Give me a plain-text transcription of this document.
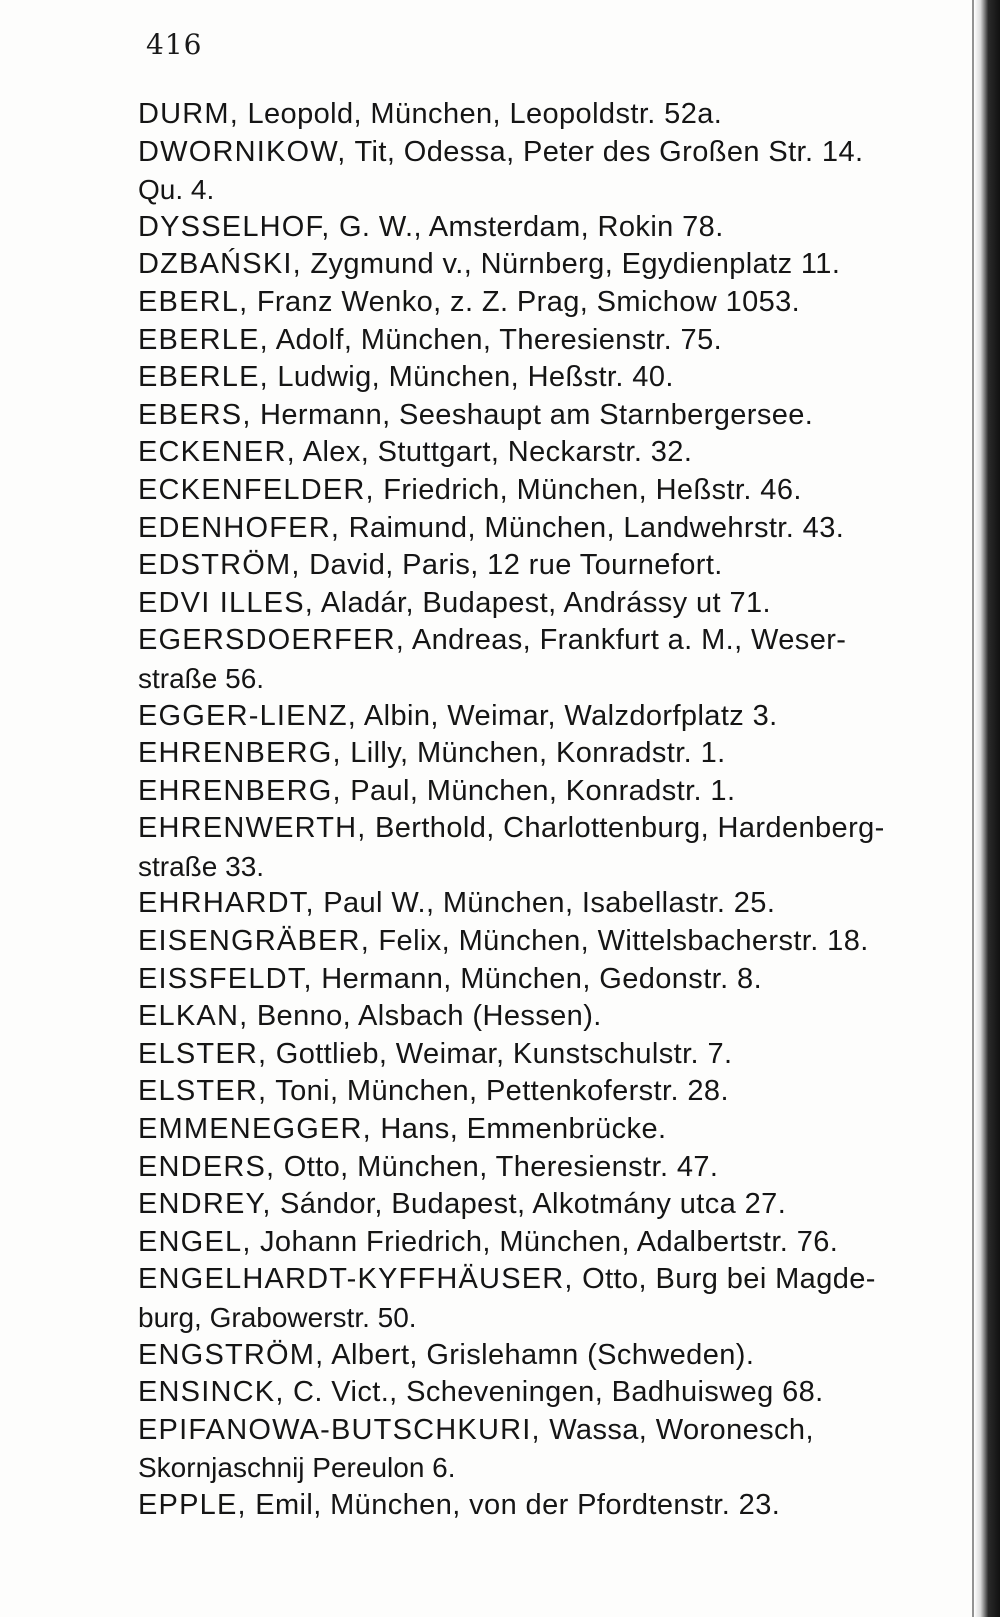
416
DURM, Leopold, München, Leopoldstr. 52a.
DWORNIKOW, Tit, Odessa, Peter des Großen Str. 14.
Qu. 4.
DYSSELHOF, G. W., Amsterdam, Rokin 78.
DZBAŃSKI, Zygmund v., Nürnberg, Egydienplatz 11.
EBERL, Franz Wenko, z. Z. Prag, Smichow 1053.
EBERLE, Adolf, München, Theresienstr. 75.
EBERLE, Ludwig, München, Heßstr. 40.
EBERS, Hermann, Seeshaupt am Starnbergersee.
ECKENER, Alex, Stuttgart, Neckarstr. 32.
ECKENFELDER, Friedrich, München, Heßstr. 46.
EDENHOFER, Raimund, München, Landwehrstr. 43.
EDSTRÖM, David, Paris, 12 rue Tournefort.
EDVI ILLES, Aladár, Budapest, Andrássy ut 71.
EGERSDOERFER, Andreas, Frankfurt a. M., Weser-
straße 56.
EGGER-LIENZ, Albin, Weimar, Walzdorfplatz 3.
EHRENBERG, Lilly, München, Konradstr. 1.
EHRENBERG, Paul, München, Konradstr. 1.
EHRENWERTH, Berthold, Charlottenburg, Hardenberg-
straße 33.
EHRHARDT, Paul W., München, Isabellastr. 25.
EISENGRÄBER, Felix, München, Wittelsbacherstr. 18.
EISSFELDT, Hermann, München, Gedonstr. 8.
ELKAN, Benno, Alsbach (Hessen).
ELSTER, Gottlieb, Weimar, Kunstschulstr. 7.
ELSTER, Toni, München, Pettenkoferstr. 28.
EMMENEGGER, Hans, Emmenbrücke.
ENDERS, Otto, München, Theresienstr. 47.
ENDREY, Sándor, Budapest, Alkotmány utca 27.
ENGEL, Johann Friedrich, München, Adalbertstr. 76.
ENGELHARDT-KYFFHÄUSER, Otto, Burg bei Magde-
burg, Grabowerstr. 50.
ENGSTRÖM, Albert, Grislehamn (Schweden).
ENSINCK, C. Vict., Scheveningen, Badhuisweg 68.
EPIFANOWA-BUTSCHKURI, Wassa, Woronesch,
Skornjaschnij Pereulon 6.
EPPLE, Emil, München, von der Pfordtenstr. 23.
